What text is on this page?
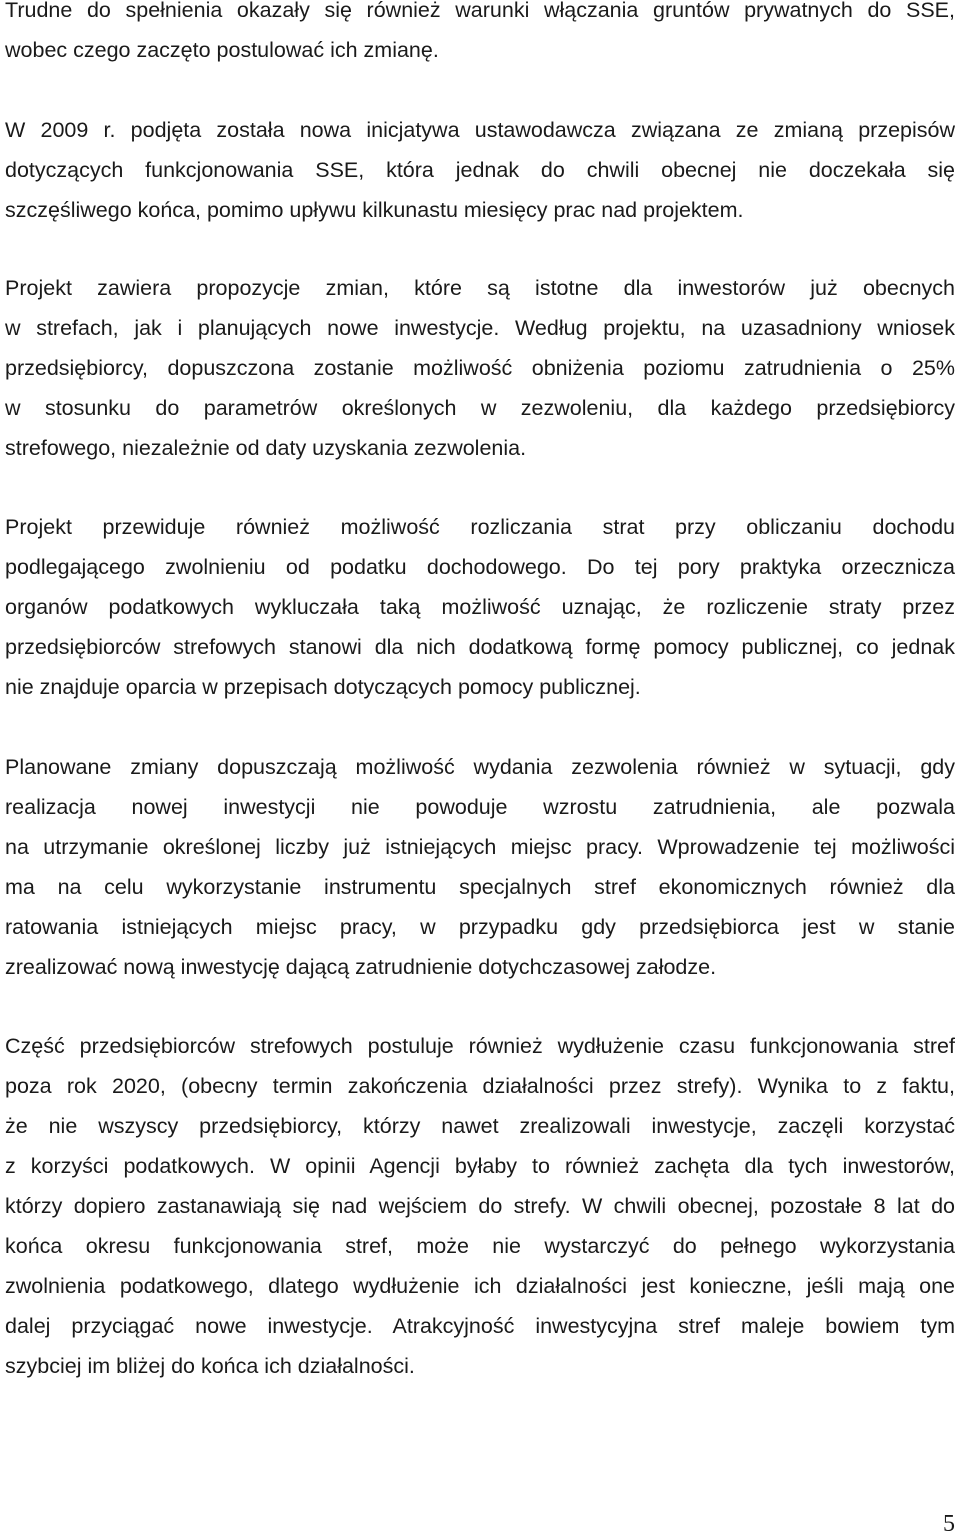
Trudne do spełnienia okazały się również warunki włączania gruntów prywatnych do SSE,
wobec czego zaczęto postulować ich zmianę.
W 2009 r. podjęta została nowa inicjatywa ustawodawcza związana ze zmianą przepisów
dotyczących funkcjonowania SSE, która jednak do chwili obecnej nie doczekała się
szczęśliwego końca, pomimo upływu kilkunastu miesięcy prac nad projektem.
Projekt zawiera propozycje zmian, które są istotne dla inwestorów już obecnych
w strefach, jak i planujących nowe inwestycje. Według projektu, na uzasadniony wniosek
przedsiębiorcy, dopuszczona zostanie możliwość obniżenia poziomu zatrudnienia o 25%
w stosunku do parametrów określonych w zezwoleniu, dla każdego przedsiębiorcy
strefowego, niezależnie od daty uzyskania zezwolenia.
Projekt przewiduje również możliwość rozliczania strat przy obliczaniu dochodu
podlegającego zwolnieniu od podatku dochodowego. Do tej pory praktyka orzecznicza
organów podatkowych wykluczała taką możliwość uznając, że rozliczenie straty przez
przedsiębiorców strefowych stanowi dla nich dodatkową formę pomocy publicznej, co jednak
nie znajduje oparcia w przepisach dotyczących pomocy publicznej.
Planowane zmiany dopuszczają możliwość wydania zezwolenia również w sytuacji, gdy
realizacja nowej inwestycji nie powoduje wzrostu zatrudnienia, ale pozwala
na utrzymanie określonej liczby już istniejących miejsc pracy. Wprowadzenie tej możliwości
ma na celu wykorzystanie instrumentu specjalnych stref ekonomicznych również dla
ratowania istniejących miejsc pracy, w przypadku gdy przedsiębiorca jest w stanie
zrealizować nową inwestycję dającą zatrudnienie dotychczasowej załodze.
Część przedsiębiorców strefowych postuluje również wydłużenie czasu funkcjonowania stref
poza rok 2020, (obecny termin zakończenia działalności przez strefy). Wynika to z faktu,
że nie wszyscy przedsiębiorcy, którzy nawet zrealizowali inwestycje, zaczęli korzystać
z korzyści podatkowych. W opinii Agencji byłaby to również zachęta dla tych inwestorów,
którzy dopiero zastanawiają się nad wejściem do strefy. W chwili obecnej, pozostałe 8 lat do
końca okresu funkcjonowania stref, może nie wystarczyć do pełnego wykorzystania
zwolnienia podatkowego, dlatego wydłużenie ich działalności jest konieczne, jeśli mają one
dalej przyciągać nowe inwestycje. Atrakcyjność inwestycyjna stref maleje bowiem tym
szybciej im bliżej do końca ich działalności.
5
